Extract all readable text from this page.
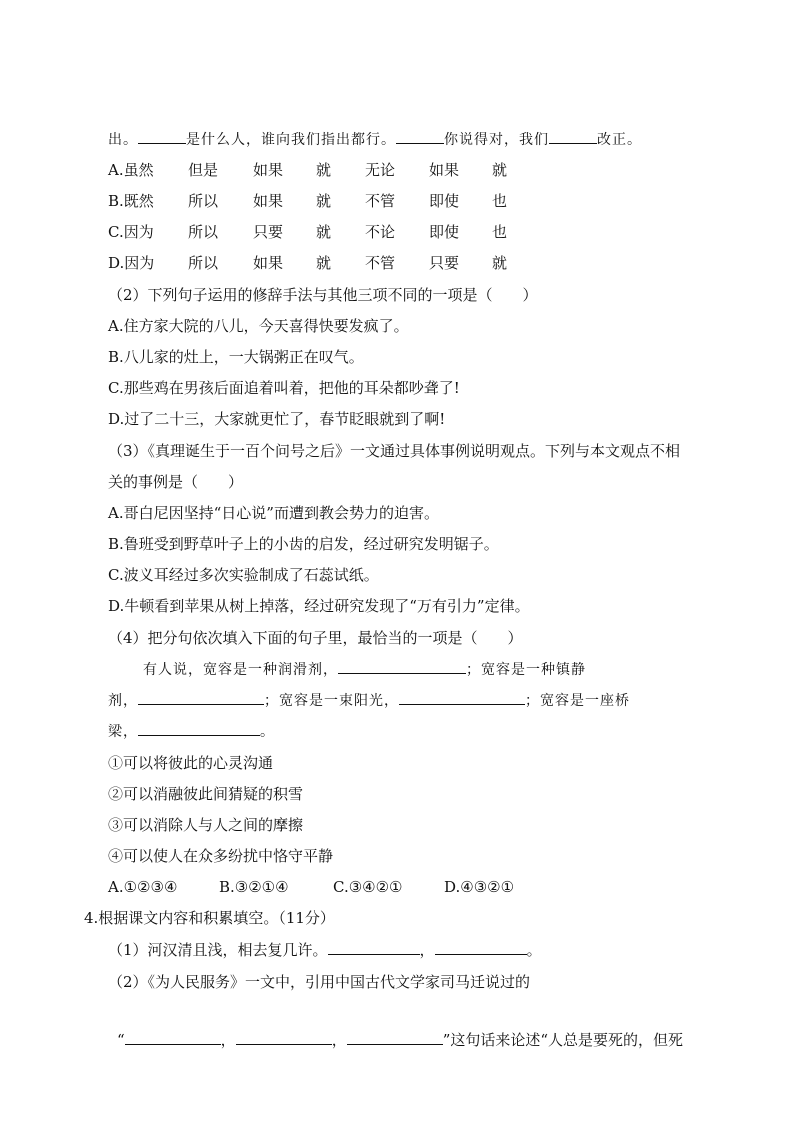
出。	是什么人，谁向我们指出都行。	你说得对，我们	改正。
A.虽然 但是 如果 就 无论 如果 就
B.既然 所以 如果 就 不管 即使 也
C.因为 所以 只要 就 不论 即使 也
D.因为 所以 如果 就 不管 只要 就
（2）下列句子运用的修辞手法与其他三项不同的一项是（　　）
A.住方家大院的八儿，今天喜得快要发疯了。
B.八儿家的灶上，一大锅粥正在叹气。
C.那些鸡在男孩后面追着叫着，把他的耳朵都吵聋了!
D.过了二十三，大家就更忙了，春节眨眼就到了啊!
（3）《真理诞生于一百个问号之后》一文通过具体事例说明观点。下列与本文观点不相
关的事例是（　　）
A.哥白尼因坚持“日心说”而遭到教会势力的迫害。
B.鲁班受到野草叶子上的小齿的启发，经过研究发明锯子。
C.波义耳经过多次实验制成了石蕊试纸。
D.牛顿看到苹果从树上掉落，经过研究发现了“万有引力”定律。
（4）把分句依次填入下面的句子里，最恰当的一项是（　　）
有人说，宽容是一种润滑剂，	；宽容是一种镇静
剂，	；宽容是一束阳光，	；宽容是一座桥
梁，	。
①可以将彼此的心灵沟通
②可以消融彼此间猜疑的积雪
③可以消除人与人之间的摩擦
④可以使人在众多纷扰中恪守平静
A.①②③④	B.③②①④	C.③④②①	D.④③②①
4.根据课文内容和积累填空。（11分）
（1）河汉清且浅，相去复几许。	，	。
（2）《为人民服务》一文中，引用中国古代文学家司马迁说过的
“	，	，	”这句话来论述“人总是要死的，但死
